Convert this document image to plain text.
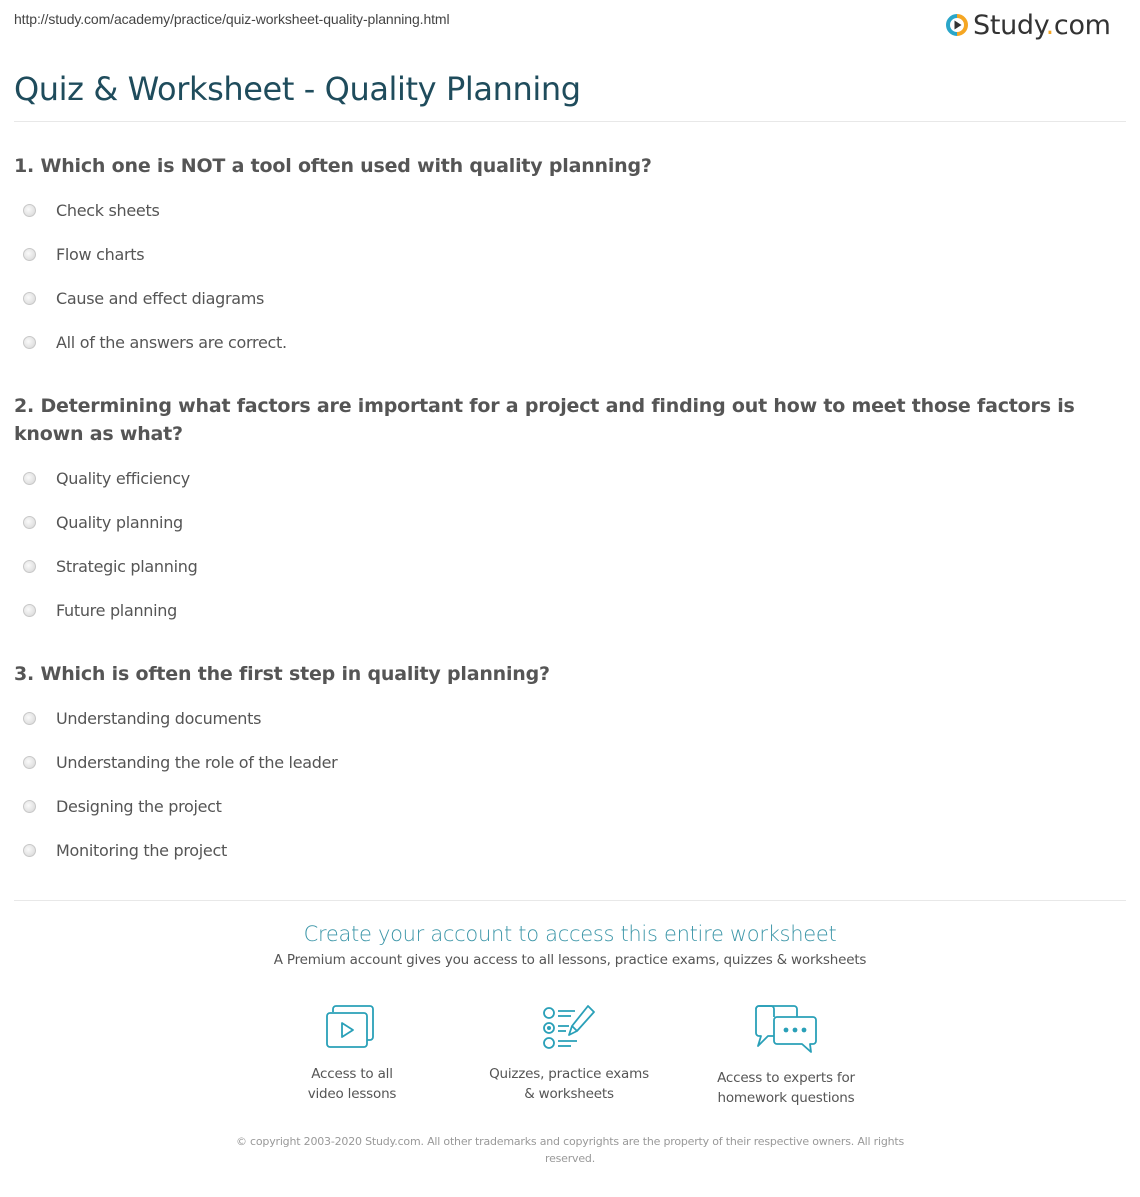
http://study.com/academy/practice/quiz-worksheet-quality-planning.html	Study.com
Quiz & Worksheet - Quality Planning

1. Which one is NOT a tool often used with quality planning?

Check sheets
Flow charts
Cause and effect diagrams
All of the answers are correct.

2. Determining what factors are important for a project and finding out how to meet those factors is known as what?

Quality efficiency
Quality planning
Strategic planning
Future planning

3. Which is often the first step in quality planning?

Understanding documents
Understanding the role of the leader
Designing the project
Monitoring the project

Create your account to access this entire worksheet

A Premium account gives you access to all lessons, practice exams, quizzes & worksheets
Access to all
video lessons
Quizzes, practice exams
& worksheets
Access to experts for
homework questions
© copyright 2003-2020 Study.com. All other trademarks and copyrights are the property of their respective owners. All rights reserved.
